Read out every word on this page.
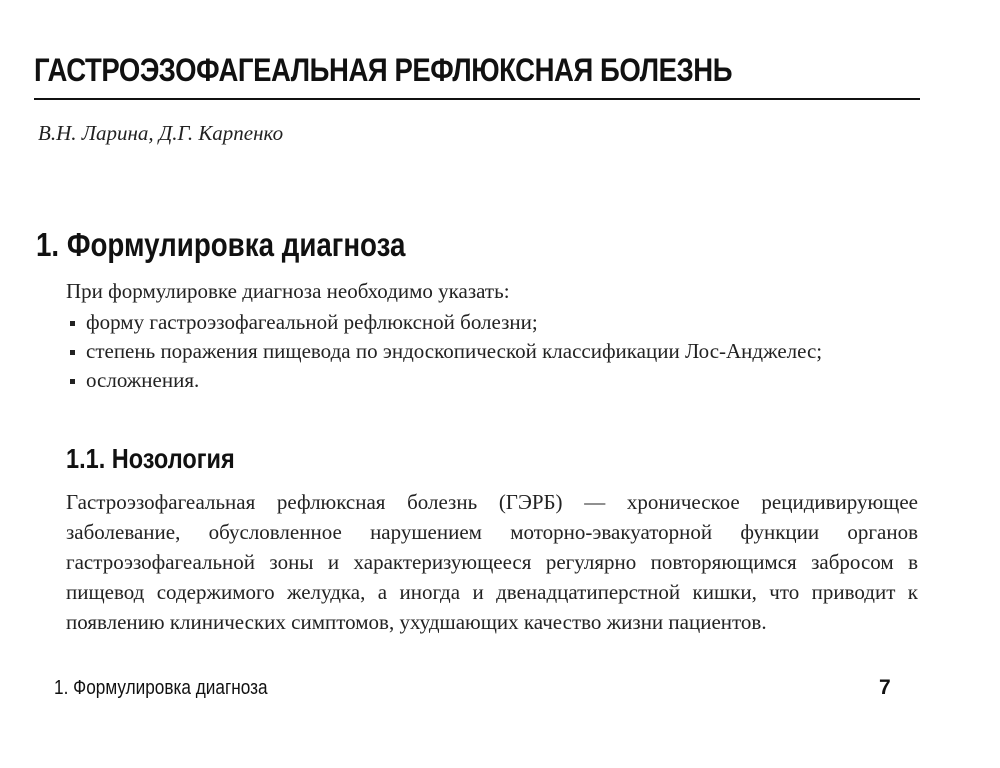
ГАСТРОЭЗОФАГЕАЛЬНАЯ РЕФЛЮКСНАЯ БОЛЕЗНЬ
В.Н. Ларина, Д.Г. Карпенко
1. Формулировка диагноза
При формулировке диагноза необходимо указать:
форму гастроэзофагеальной рефлюксной болезни;
степень поражения пищевода по эндоскопической классификации Лос-Анджелес;
осложнения.
1.1. Нозология

Гастроэзофагеальная рефлюксная болезнь (ГЭРБ) — хроническое рецидивирующее заболевание, обусловленное нарушением моторно-эвакуаторной функции органов гастроэзофагеальной зоны и характеризующееся регулярно повторяющимся забросом в пищевод содержимого желудка, а иногда и двенадцатиперстной кишки, что приводит к появлению клинических симптомов, ухудшающих качество жизни пациентов.

1. Формулировка диагноза	7
